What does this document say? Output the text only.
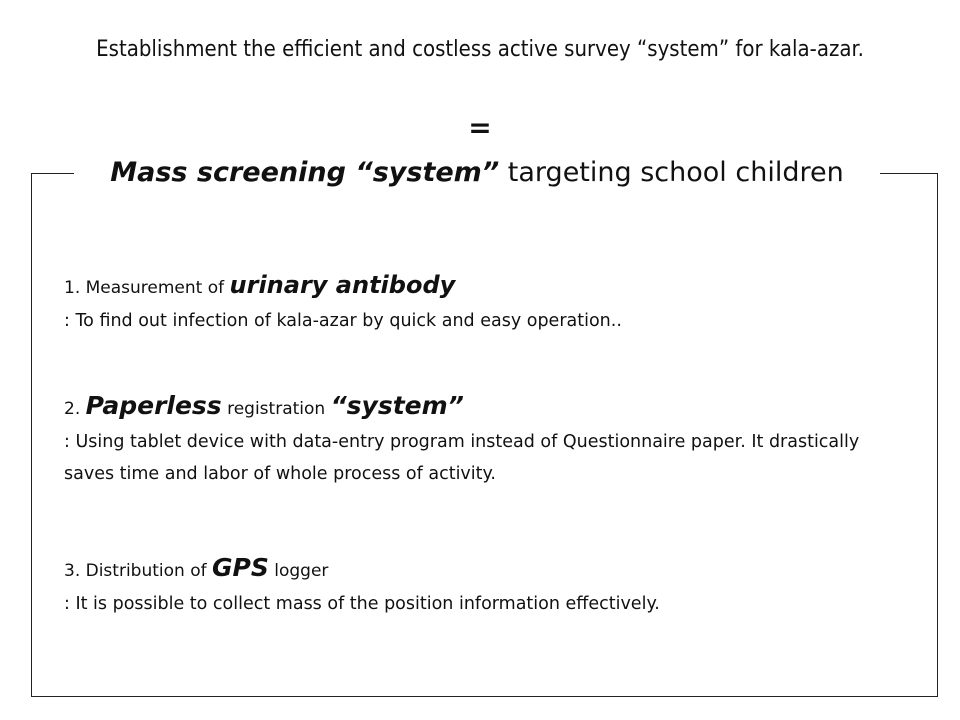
Establishment the efficient and costless active survey “system” for kala-azar.
=
Mass screening “system” targeting school children
1. Measurement of urinary antibody
: To find out infection of kala-azar by quick and easy operation..
2. Paperless registration “system”
: Using tablet device with data-entry program instead of Questionnaire paper. It drastically saves time and labor of whole process of activity.
3. Distribution of GPS logger
: It is possible to collect mass of the position information effectively.
